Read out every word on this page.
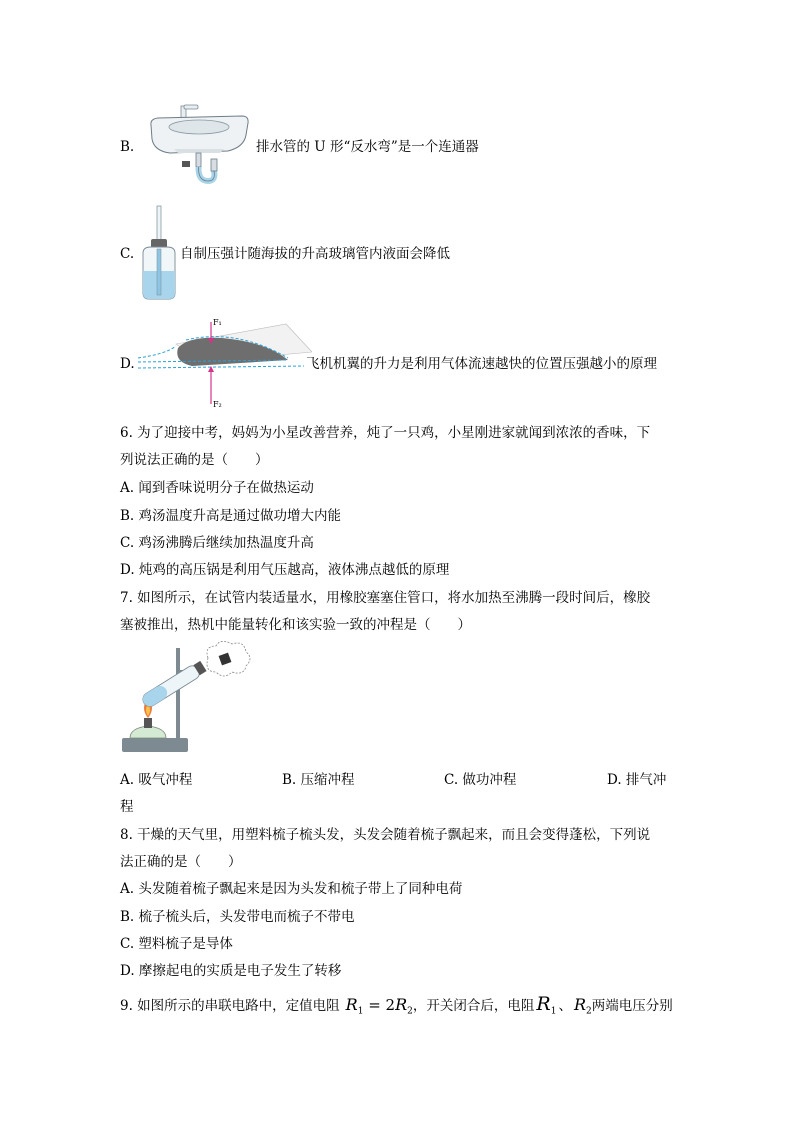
B.	排水管的 U 形“反水弯”是一个连通器
C.	自制压强计随海拔的升高玻璃管内液面会降低
D.
F₁
F₂
飞机机翼的升力是利用气体流速越快的位置压强越小的原理
6. 为了迎接中考，妈妈为小星改善营养，炖了一只鸡，小星刚进家就闻到浓浓的香味，下
列说法正确的是（　　）
A. 闻到香味说明分子在做热运动
B. 鸡汤温度升高是通过做功增大内能
C. 鸡汤沸腾后继续加热温度升高
D. 炖鸡的高压锅是利用气压越高，液体沸点越低的原理
7. 如图所示，在试管内装适量水，用橡胶塞塞住管口，将水加热至沸腾一段时间后，橡胶
塞被推出，热机中能量转化和该实验一致的冲程是（　　）
A. 吸气冲程	B. 压缩冲程	C. 做功冲程	D. 排气冲
程
8. 干燥的天气里，用塑料梳子梳头发，头发会随着梳子飘起来，而且会变得蓬松，下列说
法正确的是（　　）
A. 头发随着梳子飘起来是因为头发和梳子带上了同种电荷
B. 梳子梳头后，头发带电而梳子不带电
C. 塑料梳子是导体
D. 摩擦起电的实质是电子发生了转移
9. 如图所示的串联电路中，定值电阻 $R_1 = 2R_2$，开关闭合后，电阻 $R_1$ 、 $R_2$两端电压分别
